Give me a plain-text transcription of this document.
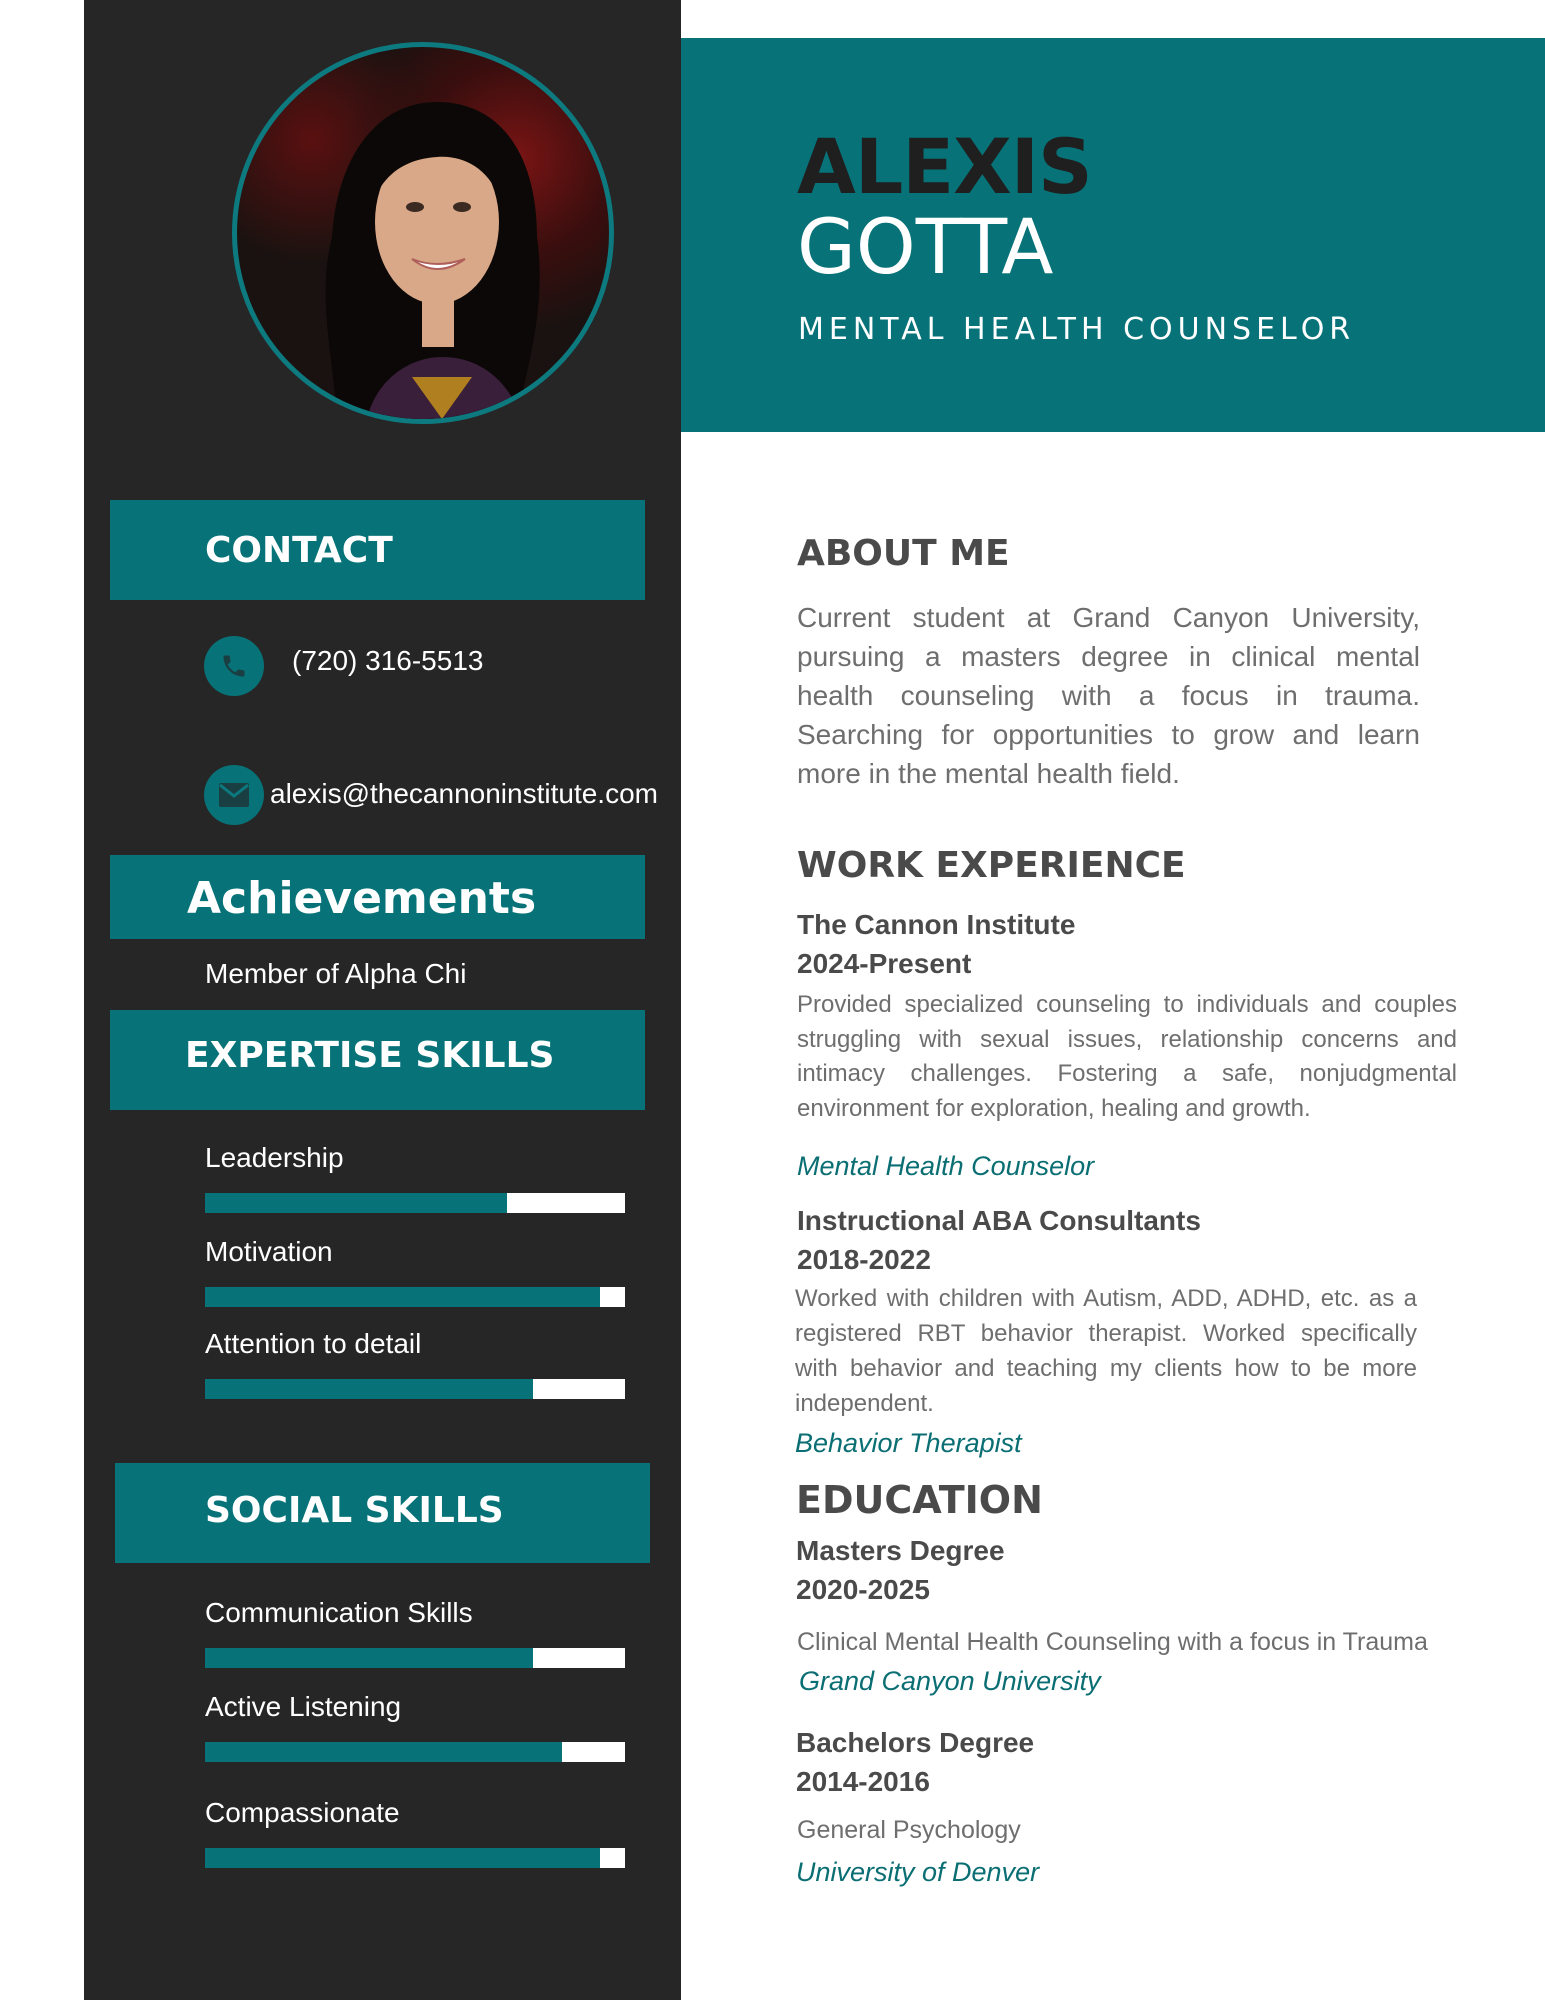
ALEXIS
GOTTA
MENTAL HEALTH COUNSELOR
CONTACT
(720) 316-5513
alexis@thecannoninstitute.com
Achievements
Member of Alpha Chi
EXPERTISE SKILLS
Leadership
Motivation
Attention to detail
SOCIAL SKILLS
Communication Skills
Active Listening
Compassionate
ABOUT ME

Current student at Grand Canyon University, pursuing a masters degree in clinical mental health counseling with a focus in trauma. Searching for opportunities to grow and learn more in the mental health field.

WORK EXPERIENCE
The Cannon Institute
2024-Present

Provided specialized counseling to individuals and couples struggling with sexual issues, relationship concerns and intimacy challenges. Fostering a safe, nonjudgmental environment for exploration, healing and growth.

Mental Health Counselor
Instructional ABA Consultants
2018-2022

Worked with children with Autism, ADD, ADHD, etc. as a registered RBT behavior therapist. Worked specifically with behavior and teaching my clients how to be more independent.

Behavior Therapist
EDUCATION
Masters Degree
2020-2025
Clinical Mental Health Counseling with a focus in Trauma
Grand Canyon University
Bachelors Degree
2014-2016
General Psychology
University of Denver
